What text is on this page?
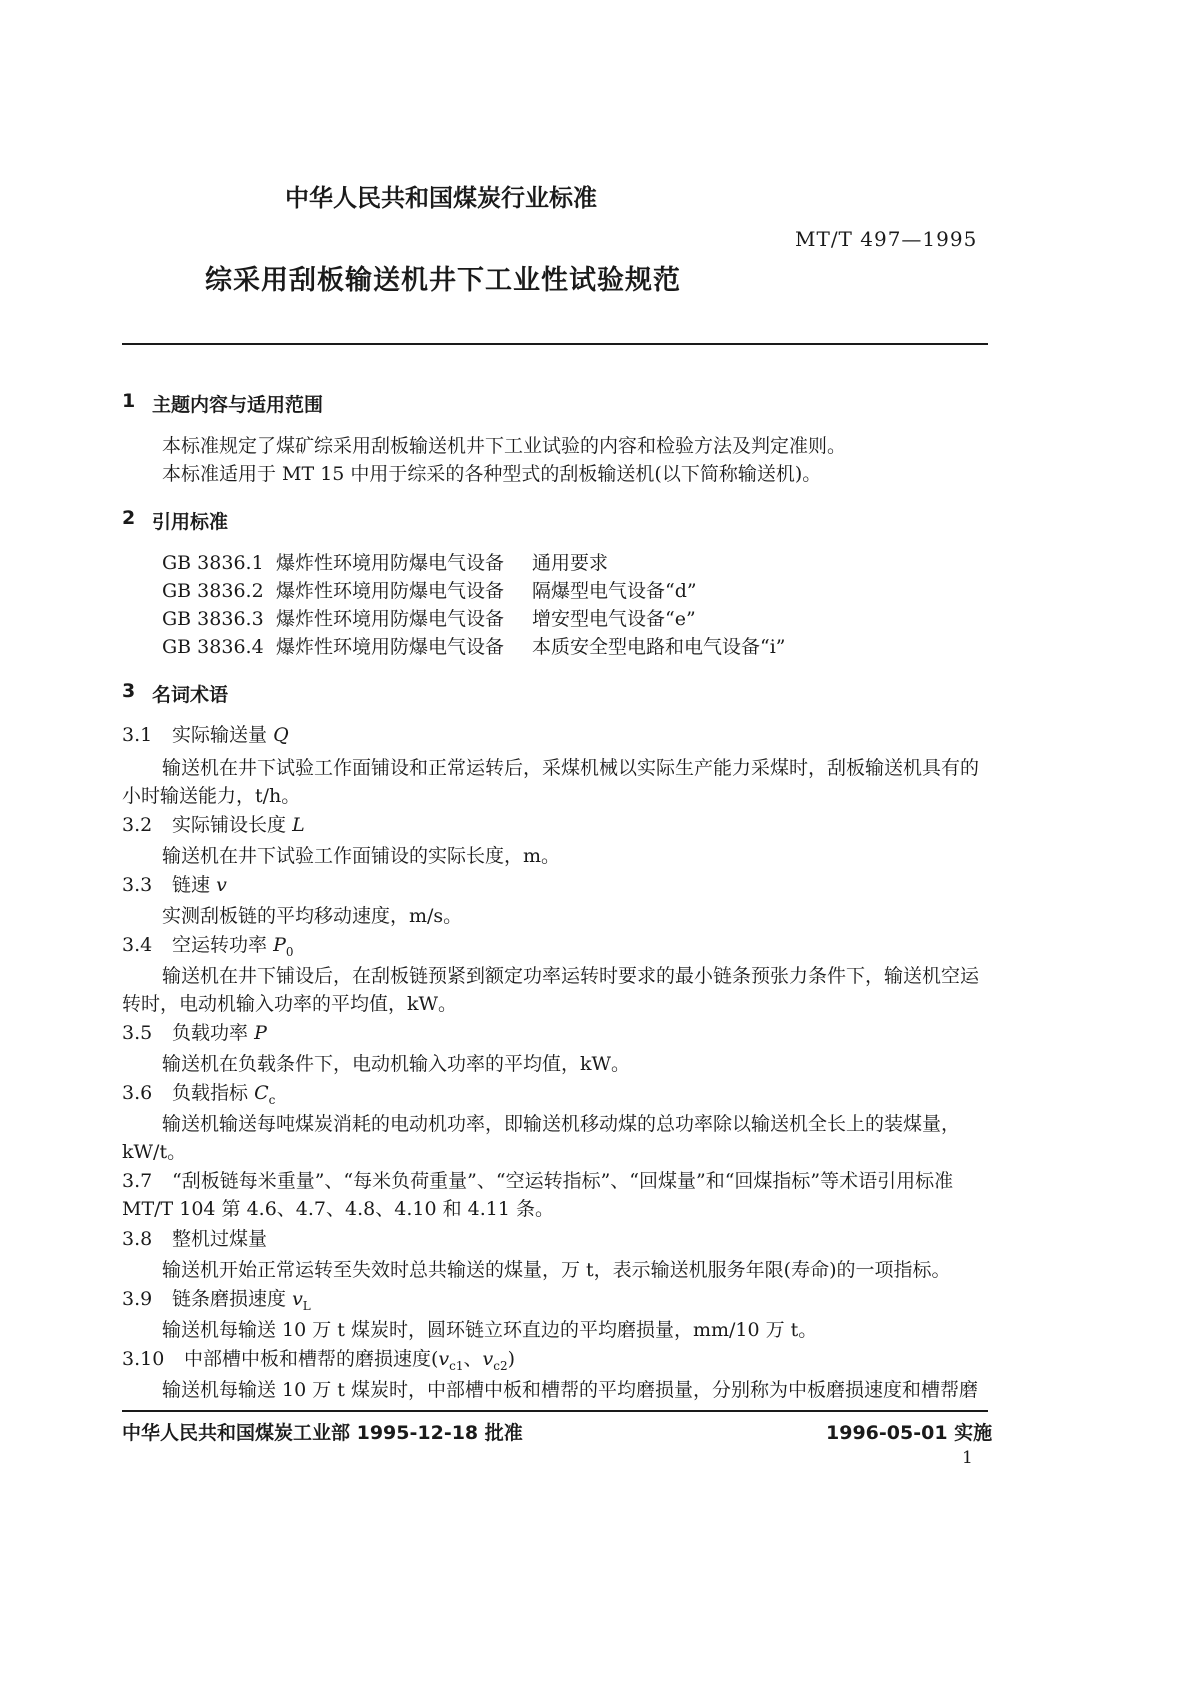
中华人民共和国煤炭行业标准
MT/T 497—1995
综采用刮板输送机井下工业性试验规范
1 主题内容与适用范围
本标准规定了煤矿综采用刮板输送机井下工业试验的内容和检验方法及判定准则。
本标准适用于 MT 15 中用于综采的各种型式的刮板输送机(以下简称输送机)。
2 引用标准
GB 3836.1 爆炸性环境用防爆电气设备	通用要求
GB 3836.2 爆炸性环境用防爆电气设备	隔爆型电气设备“d”
GB 3836.3 爆炸性环境用防爆电气设备	增安型电气设备“e”
GB 3836.4 爆炸性环境用防爆电气设备	本质安全型电路和电气设备“i”
3 名词术语
3.1 实际输送量 Q
输送机在井下试验工作面铺设和正常运转后，采煤机械以实际生产能力采煤时，刮板输送机具有的
小时输送能力，t/h。
3.2 实际铺设长度 L
输送机在井下试验工作面铺设的实际长度，m。
3.3 链速 v
实测刮板链的平均移动速度，m/s。
3.4 空运转功率 $P_0$
输送机在井下铺设后，在刮板链预紧到额定功率运转时要求的最小链条预张力条件下，输送机空运
转时，电动机输入功率的平均值，kW。
3.5 负载功率 P
输送机在负载条件下，电动机输入功率的平均值，kW。
3.6 负载指标 $C_c$
输送机输送每吨煤炭消耗的电动机功率，即输送机移动煤的总功率除以输送机全长上的装煤量，
kW/t。
3.7 “刮板链每米重量”、“每米负荷重量”、“空运转指标”、“回煤量”和“回煤指标”等术语引用标准
MT/T 104 第 4.6、4.7、4.8、4.10 和 4.11 条。
3.8 整机过煤量
输送机开始正常运转至失效时总共输送的煤量，万 t，表示输送机服务年限(寿命)的一项指标。
3.9 链条磨损速度 $v_L$
输送机每输送 10 万 t 煤炭时，圆环链立环直边的平均磨损量，mm/10 万 t。
3.10 中部槽中板和槽帮的磨损速度($v_{c1}$、$v_{c2}$)
输送机每输送 10 万 t 煤炭时，中部槽中板和槽帮的平均磨损量，分别称为中板磨损速度和槽帮磨
中华人民共和国煤炭工业部 1995-12-18 批准	1996-05-01 实施
1
